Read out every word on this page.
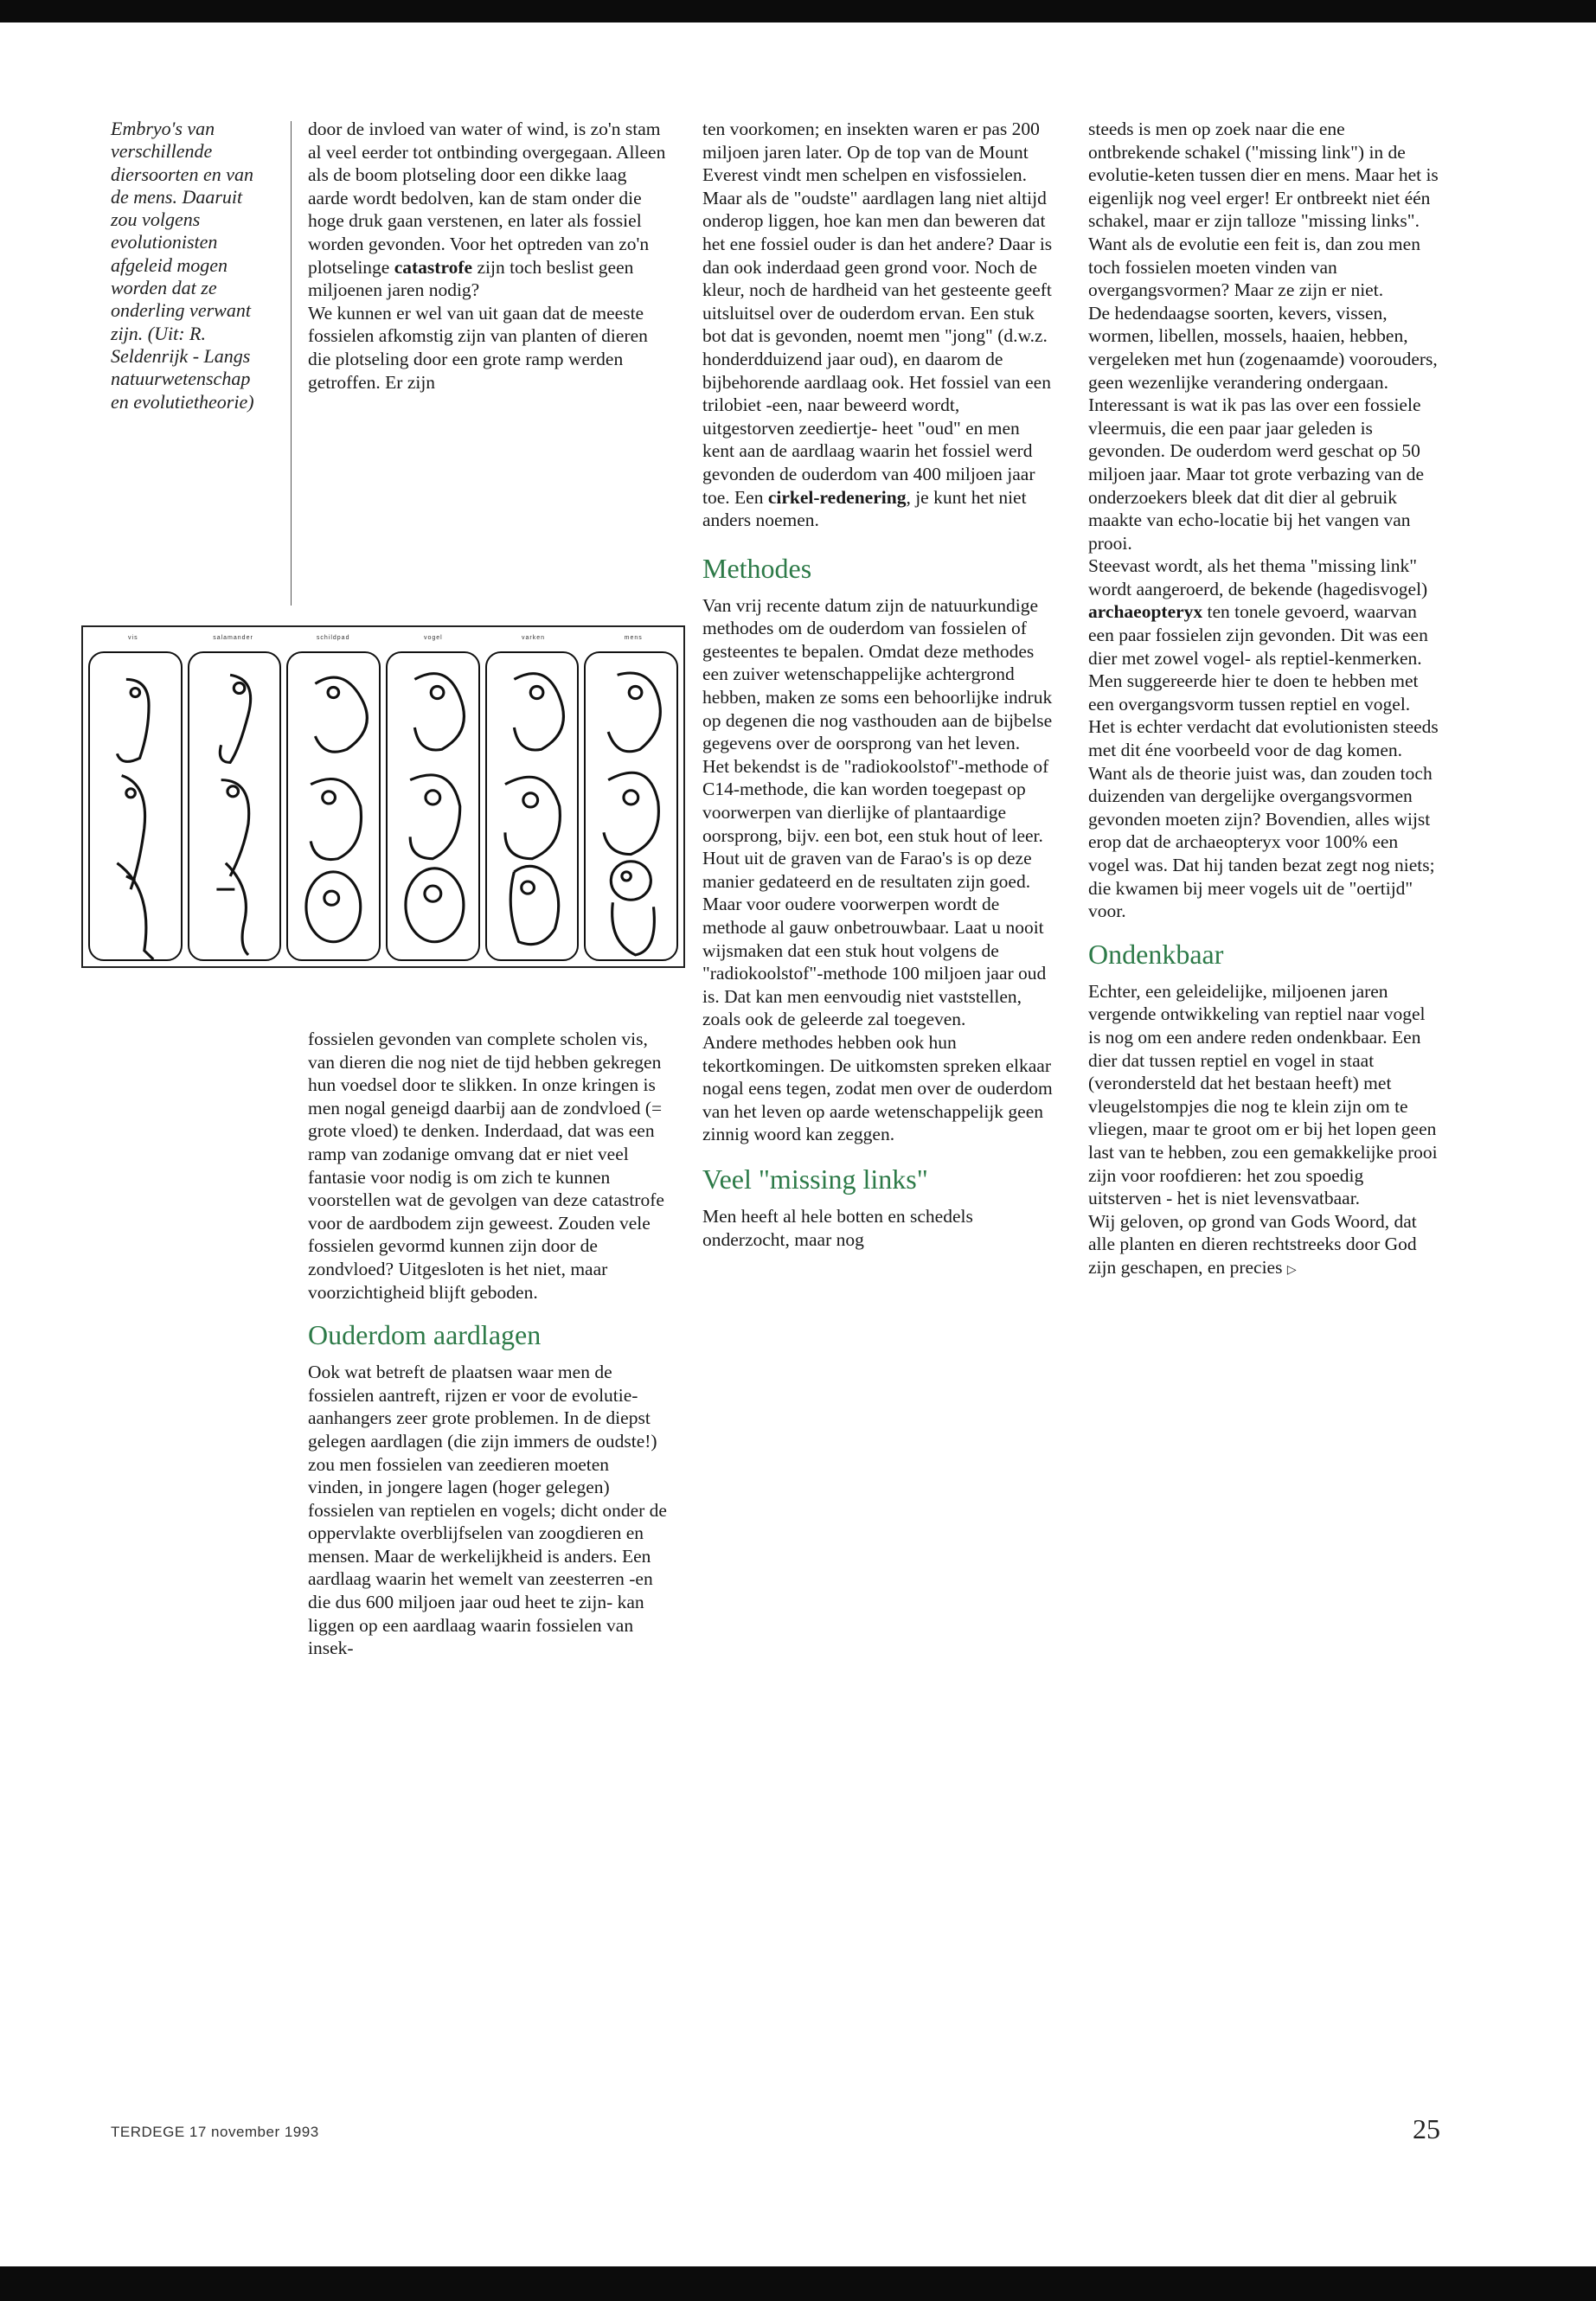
Embryo's van verschillende diersoorten en van de mens. Daaruit zou volgens evolutionisten afgeleid mogen worden dat ze onderling verwant zijn. (Uit: R. Seldenrijk - Langs natuurwetenschap en evolutietheorie)

door de invloed van water of wind, is zo'n stam al veel eerder tot ontbinding overgegaan. Alleen als de boom plotseling door een dikke laag aarde wordt bedolven, kan de stam onder die hoge druk gaan verstenen, en later als fossiel worden gevonden. Voor het optreden van zo'n plotselinge catastrofe zijn toch beslist geen miljoenen jaren nodig?

We kunnen er wel van uit gaan dat de meeste fossielen afkomstig zijn van planten of dieren die plotseling door een grote ramp werden getroffen. Er zijn

vis	salamander	schildpad	vogel	varken	mens

fossielen gevonden van complete scholen vis, van dieren die nog niet de tijd hebben gekregen hun voedsel door te slikken. In onze kringen is men nogal geneigd daarbij aan de zondvloed (= grote vloed) te denken. Inderdaad, dat was een ramp van zodanige omvang dat er niet veel fantasie voor nodig is om zich te kunnen voorstellen wat de gevolgen van deze catastrofe voor de aardbodem zijn geweest. Zouden vele fossielen gevormd kunnen zijn door de zondvloed? Uitgesloten is het niet, maar voorzichtigheid blijft geboden.

Ouderdom aardlagen

Ook wat betreft de plaatsen waar men de fossielen aantreft, rijzen er voor de evolutie-aanhangers zeer grote problemen. In de diepst gelegen aardlagen (die zijn immers de oudste!) zou men fossielen van zeedieren moeten vinden, in jongere lagen (hoger gelegen) fossielen van reptielen en vogels; dicht onder de oppervlakte overblijfselen van zoogdieren en mensen. Maar de werkelijkheid is anders. Een aardlaag waarin het wemelt van zeesterren -en die dus 600 miljoen jaar oud heet te zijn- kan liggen op een aardlaag waarin fossielen van insek-

ten voorkomen; en insekten waren er pas 200 miljoen jaren later. Op de top van de Mount Everest vindt men schelpen en visfossielen.

Maar als de "oudste" aardlagen lang niet altijd onderop liggen, hoe kan men dan beweren dat het ene fossiel ouder is dan het andere? Daar is dan ook inderdaad geen grond voor. Noch de kleur, noch de hardheid van het gesteente geeft uitsluitsel over de ouderdom ervan. Een stuk bot dat is gevonden, noemt men "jong" (d.w.z. honderdduizend jaar oud), en daarom de bijbehorende aardlaag ook. Het fossiel van een trilobiet -een, naar beweerd wordt, uitgestorven zeediertje- heet "oud" en men kent aan de aardlaag waarin het fossiel werd gevonden de ouderdom van 400 miljoen jaar toe. Een cirkel-redenering, je kunt het niet anders noemen.

Methodes

Van vrij recente datum zijn de natuurkundige methodes om de ouderdom van fossielen of gesteentes te bepalen. Omdat deze methodes een zuiver wetenschappelijke achtergrond hebben, maken ze soms een behoorlijke indruk op degenen die nog vasthouden aan de bijbelse gegevens over de oorsprong van het leven.

Het bekendst is de "radiokoolstof"-methode of C14-methode, die kan worden toegepast op voorwerpen van dierlijke of plantaardige oorsprong, bijv. een bot, een stuk hout of leer. Hout uit de graven van de Farao's is op deze manier gedateerd en de resultaten zijn goed. Maar voor oudere voorwerpen wordt de methode al gauw onbetrouwbaar. Laat u nooit wijsmaken dat een stuk hout volgens de "radiokoolstof"-methode 100 miljoen jaar oud is. Dat kan men eenvoudig niet vaststellen, zoals ook de geleerde zal toegeven.

Andere methodes hebben ook hun tekortkomingen. De uitkomsten spreken elkaar nogal eens tegen, zodat men over de ouderdom van het leven op aarde wetenschappelijk geen zinnig woord kan zeggen.

Veel "missing links"

Men heeft al hele botten en schedels onderzocht, maar nog

steeds is men op zoek naar die ene ontbrekende schakel ("missing link") in de evolutie-keten tussen dier en mens. Maar het is eigenlijk nog veel erger! Er ontbreekt niet één schakel, maar er zijn talloze "missing links".

Want als de evolutie een feit is, dan zou men toch fossielen moeten vinden van overgangsvormen? Maar ze zijn er niet.

De hedendaagse soorten, kevers, vissen, wormen, libellen, mossels, haaien, hebben, vergeleken met hun (zogenaamde) voorouders, geen wezenlijke verandering ondergaan.

Interessant is wat ik pas las over een fossiele vleermuis, die een paar jaar geleden is gevonden. De ouderdom werd geschat op 50 miljoen jaar. Maar tot grote verbazing van de onderzoekers bleek dat dit dier al gebruik maakte van echo-locatie bij het vangen van prooi.

Steevast wordt, als het thema "missing link" wordt aangeroerd, de bekende (hagedisvogel) archaeopteryx ten tonele gevoerd, waarvan een paar fossielen zijn gevonden. Dit was een dier met zowel vogel- als reptiel-kenmerken. Men suggereerde hier te doen te hebben met een overgangsvorm tussen reptiel en vogel. Het is echter verdacht dat evolutionisten steeds met dit éne voorbeeld voor de dag komen. Want als de theorie juist was, dan zouden toch duizenden van dergelijke overgangsvormen gevonden moeten zijn? Bovendien, alles wijst erop dat de archaeopteryx voor 100% een vogel was. Dat hij tanden bezat zegt nog niets; die kwamen bij meer vogels uit de "oertijd" voor.

Ondenkbaar

Echter, een geleidelijke, miljoenen jaren vergende ontwikkeling van reptiel naar vogel is nog om een andere reden ondenkbaar. Een dier dat tussen reptiel en vogel in staat (verondersteld dat het bestaan heeft) met vleugelstompjes die nog te klein zijn om te vliegen, maar te groot om er bij het lopen geen last van te hebben, zou een gemakkelijke prooi zijn voor roofdieren: het zou spoedig uitsterven - het is niet levensvatbaar.

Wij geloven, op grond van Gods Woord, dat alle planten en dieren rechtstreeks door God zijn geschapen, en precies ▷

TERDEGE 17 november 1993	25
